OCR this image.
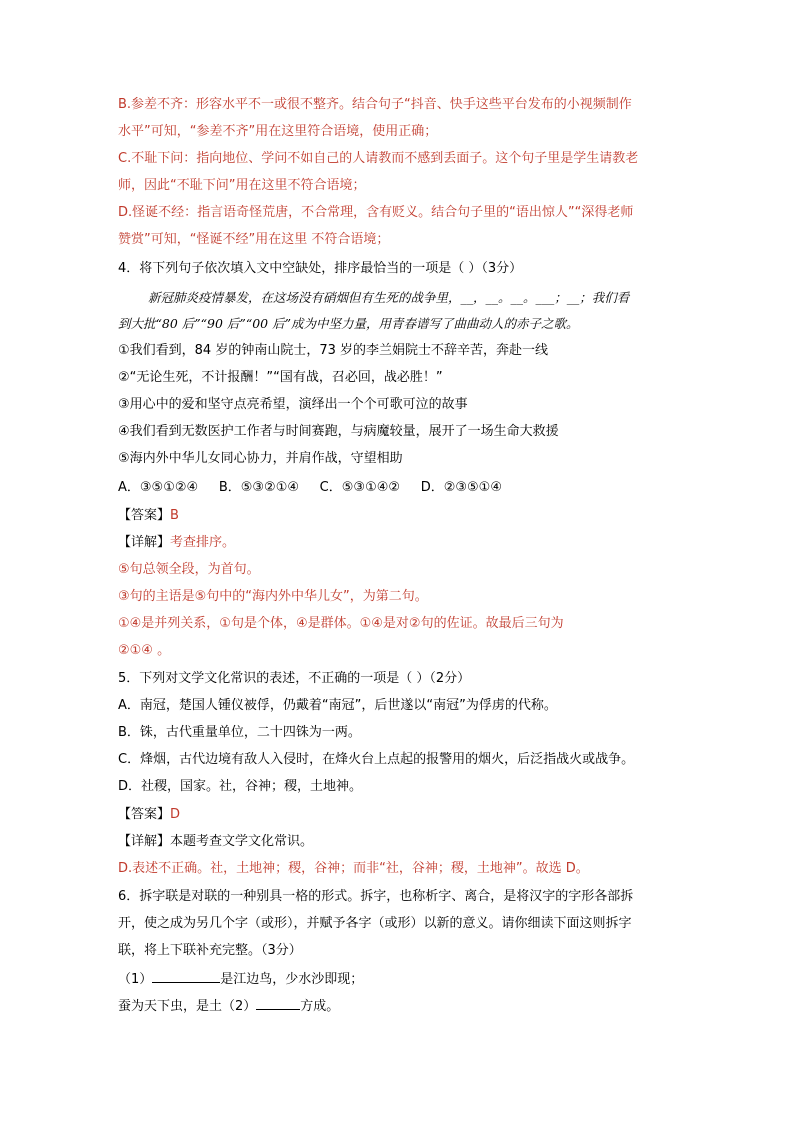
B.参差不齐：形容水平不一或很不整齐。结合句子“抖音、快手这些平台发布的小视频制作
水平”可知，“参差不齐”用在这里符合语境，使用正确；
C.不耻下问：指向地位、学问不如自己的人请教而不感到丢面子。这个句子里是学生请教老
师，因此“不耻下问”用在这里不符合语境；
D.怪诞不经：指言语奇怪荒唐，不合常理，含有贬义。结合句子里的“语出惊人”“深得老师
赞赏”可知，“怪诞不经”用在这里 不符合语境；
4．将下列句子依次填入文中空缺处，排序最恰当的一项是（ ）（3分）
新冠肺炎疫情暴发，在这场没有硝烟但有生死的战争里，__，__。__。___；__；我们看
到大批“80 后”“90 后”“00 后”成为中坚力量，用青春谱写了曲曲动人的赤子之歌。
①我们看到，84 岁的钟南山院士，73 岁的李兰娟院士不辞辛苦，奔赴一线
②“无论生死，不计报酬！”“国有战，召必回，战必胜！”
③用心中的爱和坚守点亮希望，演绎出一个个可歌可泣的故事
④我们看到无数医护工作者与时间赛跑，与病魔较量，展开了一场生命大救援
⑤海内外中华儿女同心协力，并肩作战，守望相助
A．③⑤①②④     B．⑤③②①④     C．⑤③①④②     D．②③⑤①④
【答案】B
【详解】考查排序。
⑤句总领全段，为首句。
③句的主语是⑤句中的“海内外中华儿女”，为第二句。
①④是并列关系，①句是个体，④是群体。①④是对②句的佐证。故最后三句为
②①④ 。
5．下列对文学文化常识的表述，不正确的一项是（ ）（2分）
A．南冠，楚国人锺仪被俘，仍戴着“南冠”，后世遂以“南冠”为俘虏的代称。
B．铢，古代重量单位，二十四铢为一两。
C．烽烟，古代边境有敌人入侵时，在烽火台上点起的报警用的烟火，后泛指战火或战争。
D．社稷，国家。社，谷神；稷，土地神。
【答案】D
【详解】本题考查文学文化常识。
D.表述不正确。社，土地神；稷，谷神；而非“社，谷神；稷，土地神”。故选 D。
6．拆字联是对联的一种别具一格的形式。拆字，也称析字、离合，是将汉字的字形各部拆
开，使之成为另几个字（或形），并赋予各字（或形）以新的意义。请你细读下面这则拆字
联，将上下联补充完整。（3分）
（1）	是江边鸟，少水沙即现；
蚕为天下虫，是土（2）	方成。
